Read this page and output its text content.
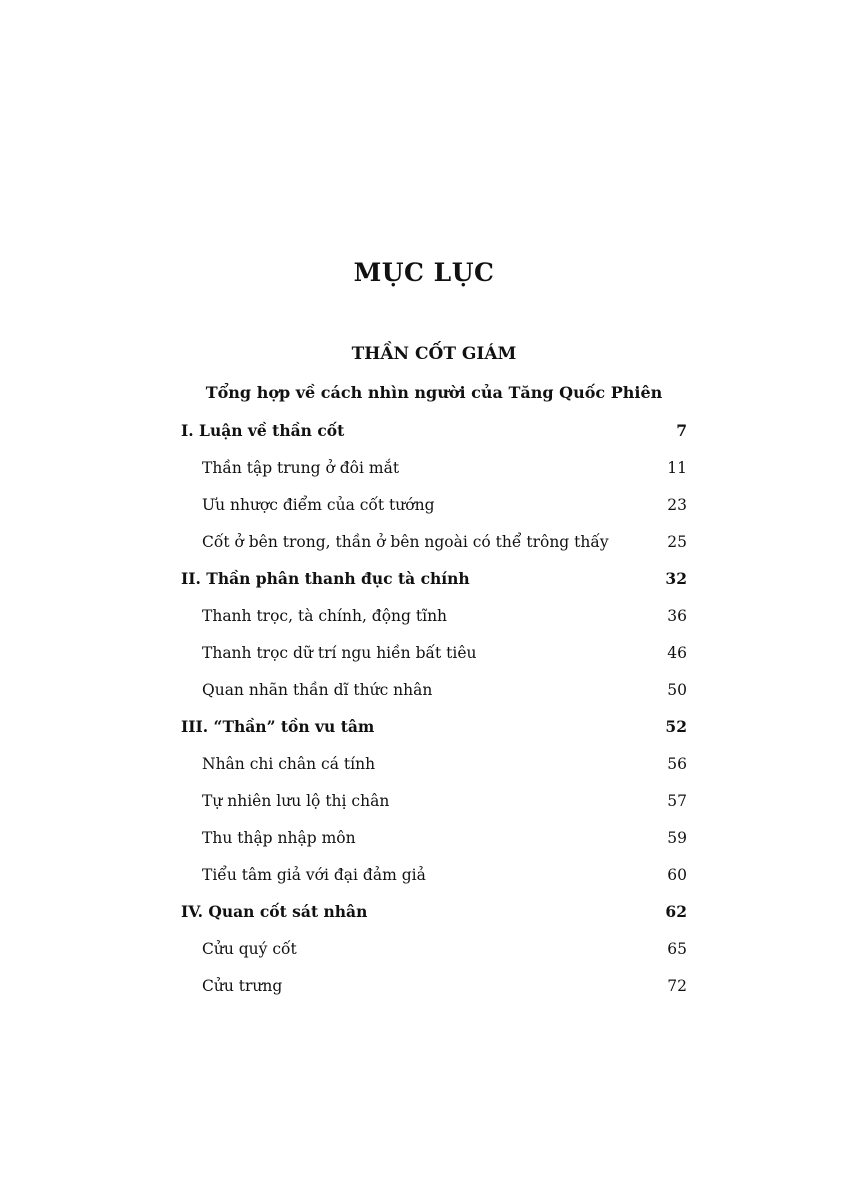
MỤC LỤC
THẦN CỐT GIÁM
Tổng hợp về cách nhìn người của Tăng Quốc Phiên
I. Luận về thần cốt	7
Thần tập trung ở đôi mắt	11
Ưu nhược điểm của cốt tướng	23
Cốt ở bên trong, thần ở bên ngoài có thể trông thấy	25
II. Thần phân thanh đục tà chính	32
Thanh trọc, tà chính, động tĩnh	36
Thanh trọc dữ trí ngu hiền bất tiêu	46
Quan nhãn thần dĩ thức nhân	50
III. “Thần” tồn vu tâm	52
Nhân chi chân cá tính	56
Tự nhiên lưu lộ thị chân	57
Thu thập nhập môn	59
Tiểu tâm giả với đại đảm giả	60
IV. Quan cốt sát nhân	62
Cửu quý cốt	65
Cửu trưng	72
